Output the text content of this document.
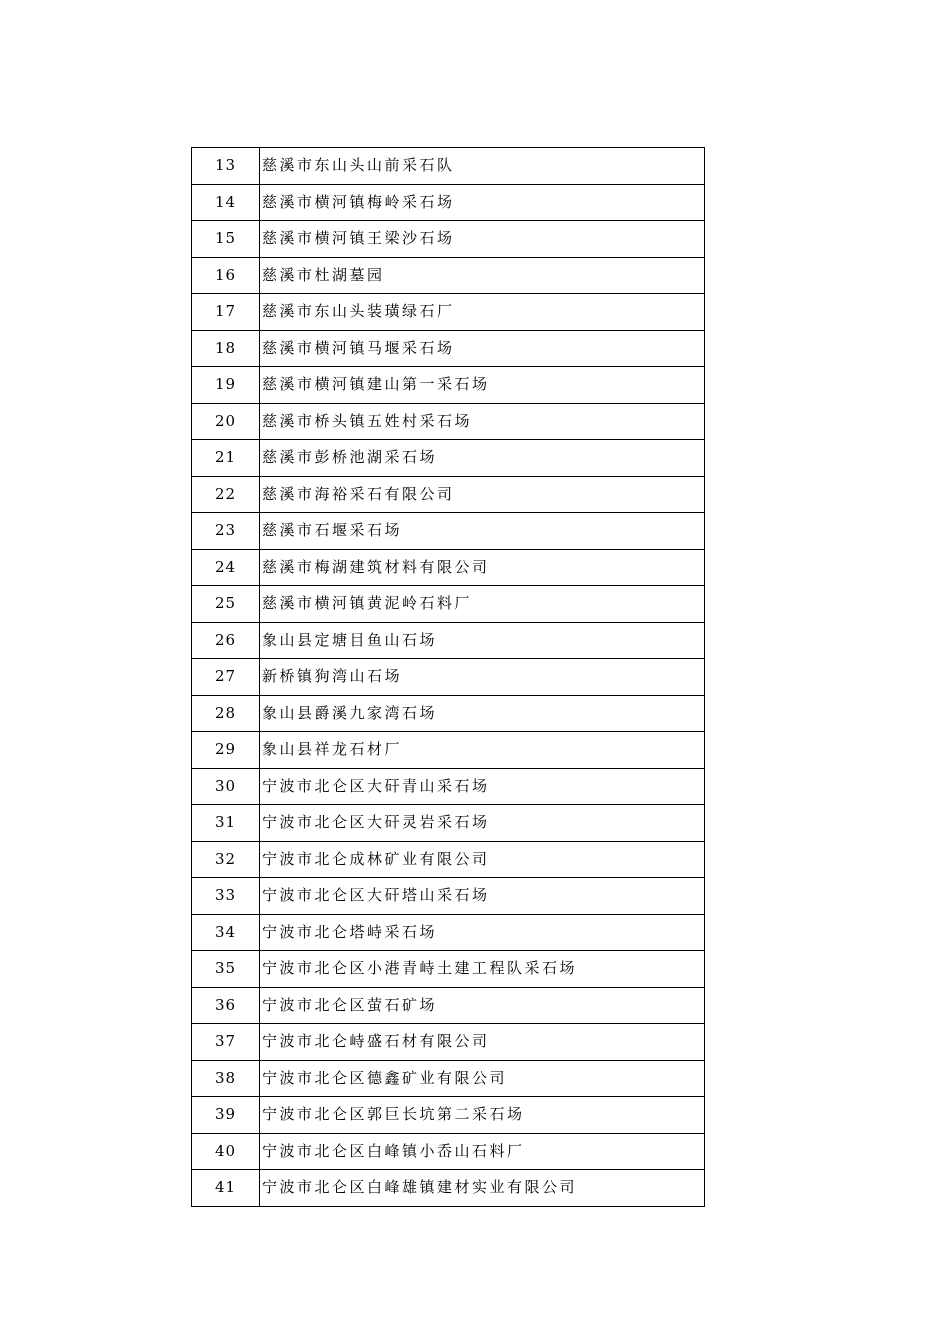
13	慈溪市东山头山前采石队
14	慈溪市横河镇梅岭采石场
15	慈溪市横河镇王梁沙石场
16	慈溪市杜湖墓园
17	慈溪市东山头装璜绿石厂
18	慈溪市横河镇马堰采石场
19	慈溪市横河镇建山第一采石场
20	慈溪市桥头镇五姓村采石场
21	慈溪市彭桥池湖采石场
22	慈溪市海裕采石有限公司
23	慈溪市石堰采石场
24	慈溪市梅湖建筑材料有限公司
25	慈溪市横河镇黄泥岭石料厂
26	象山县定塘目鱼山石场
27	新桥镇狗湾山石场
28	象山县爵溪九家湾石场
29	象山县祥龙石材厂
30	宁波市北仑区大矸青山采石场
31	宁波市北仑区大矸灵岩采石场
32	宁波市北仑成林矿业有限公司
33	宁波市北仑区大矸塔山采石场
34	宁波市北仑塔峙采石场
35	宁波市北仑区小港青峙土建工程队采石场
36	宁波市北仑区萤石矿场
37	宁波市北仑峙盛石材有限公司
38	宁波市北仑区德鑫矿业有限公司
39	宁波市北仑区郭巨长坑第二采石场
40	宁波市北仑区白峰镇小岙山石料厂
41	宁波市北仑区白峰雄镇建材实业有限公司
